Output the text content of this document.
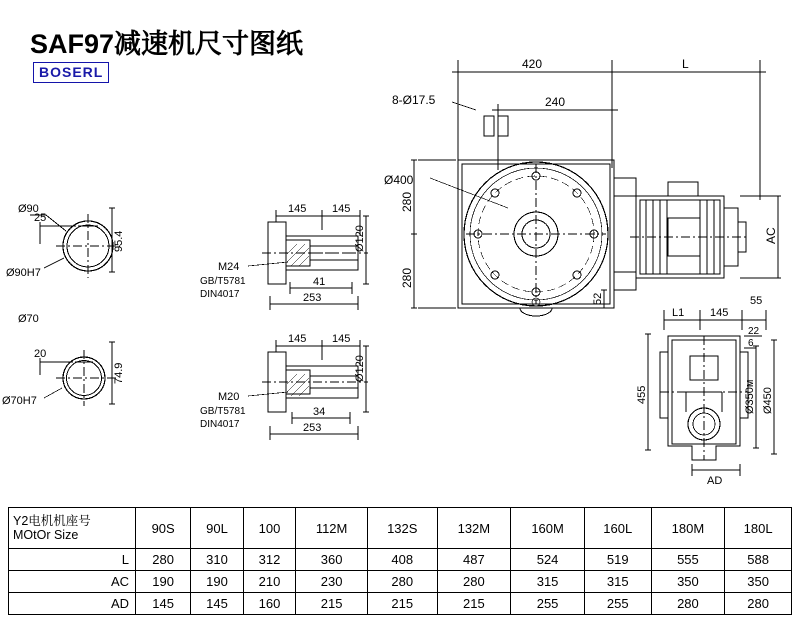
SAF97减速机尺寸图纸
BOSERL
Ø90
25
95.4
Ø90H7
Ø70
20
74.9
Ø70H7
145 145
Ø120
M24
GB/T5781
DIN4017
41
253
145 145
Ø120
M20
GB/T5781
DIN4017
34
253
420	L
8-Ø17.5	240
Ø400
280
280
52
AC
L1 145
55
22
6
455	Ø350м Ø450
AD
Y2电机机座号
MOtOr Size	90S	90L	100	112M	132S	132M	160M	160L	180M	180L
L	280	310	312	360	408	487	524	519	555	588
AC	190	190	210	230	280	280	315	315	350	350
AD	145	145	160	215	215	215	255	255	280	280
